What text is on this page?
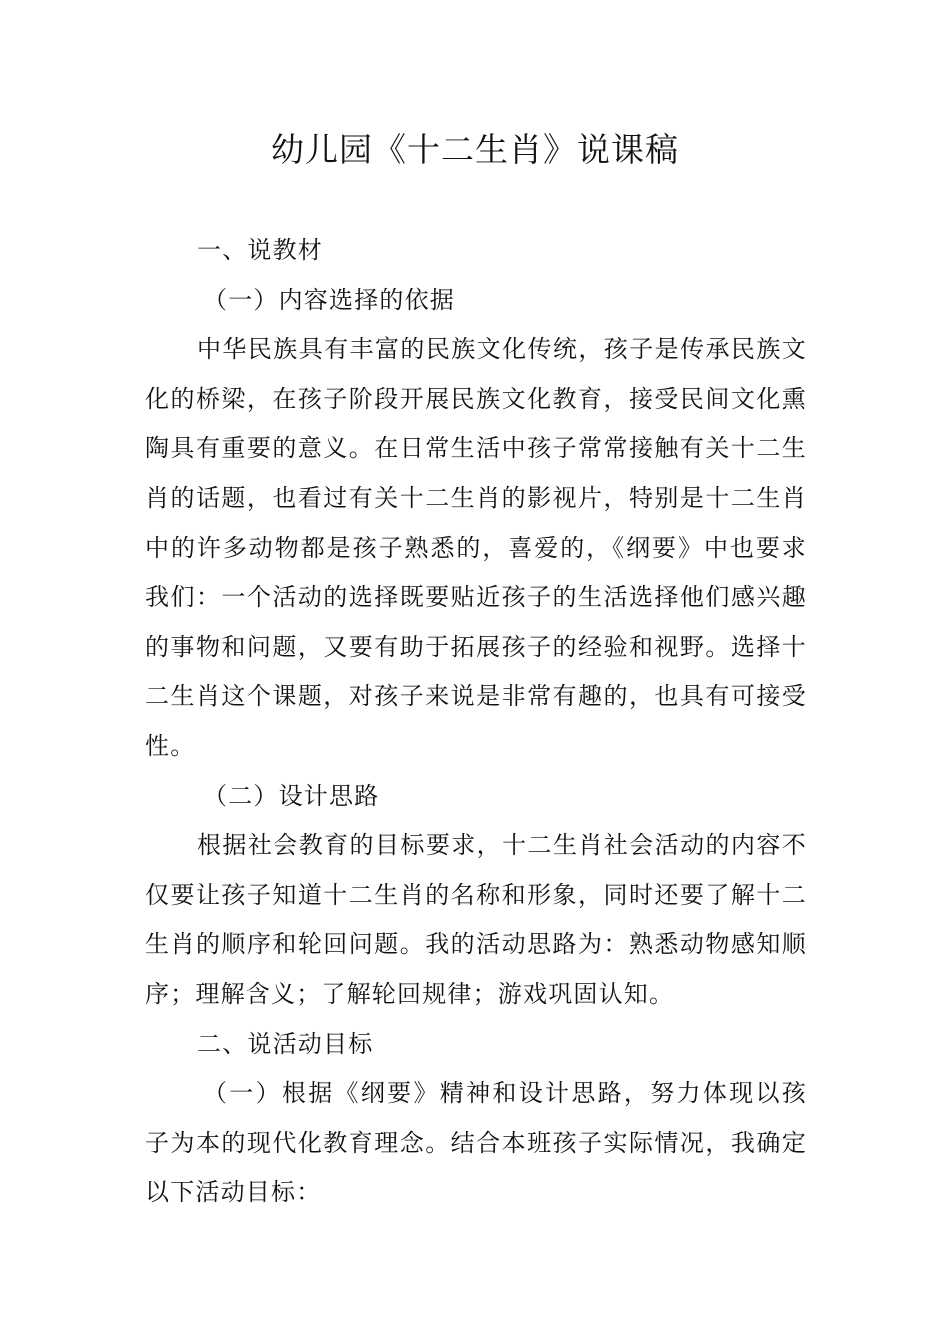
幼儿园《十二生肖》说课稿

一、说教材

（一）内容选择的依据

中华民族具有丰富的民族文化传统，孩子是传承民族文化的桥梁，在孩子阶段开展民族文化教育，接受民间文化熏陶具有重要的意义。在日常生活中孩子常常接触有关十二生肖的话题，也看过有关十二生肖的影视片，特别是十二生肖中的许多动物都是孩子熟悉的，喜爱的，《纲要》中也要求我们：一个活动的选择既要贴近孩子的生活选择他们感兴趣的事物和问题，又要有助于拓展孩子的经验和视野。选择十二生肖这个课题，对孩子来说是非常有趣的，也具有可接受性。

（二）设计思路

根据社会教育的目标要求，十二生肖社会活动的内容不仅要让孩子知道十二生肖的名称和形象，同时还要了解十二生肖的顺序和轮回问题。我的活动思路为：熟悉动物感知顺序；理解含义；了解轮回规律；游戏巩固认知。

二、说活动目标

（一）根据《纲要》精神和设计思路，努力体现以孩子为本的现代化教育理念。结合本班孩子实际情况，我确定以下活动目标：
